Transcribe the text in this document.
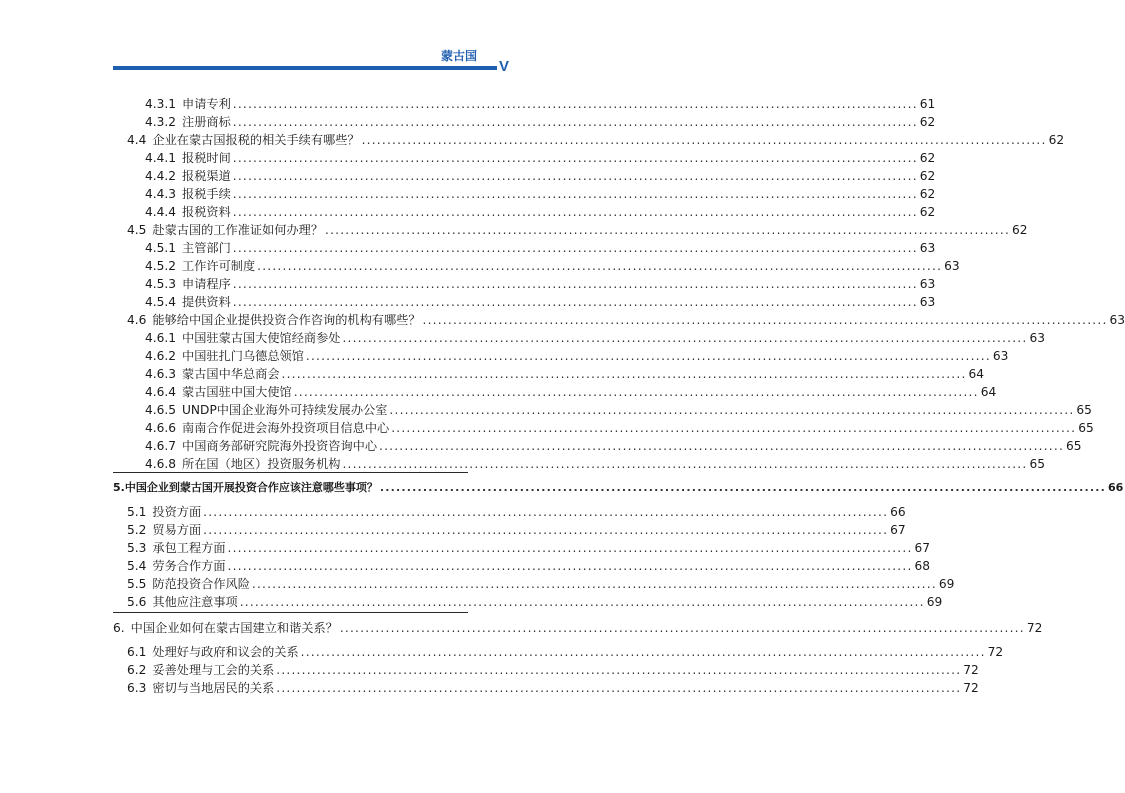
蒙古国
V
4.3.1 申请专利 .....	61
4.3.2 注册商标 .....	62
4.4 企业在蒙古国报税的相关手续有哪些？ .....	62
4.4.1 报税时间 .....	62
4.4.2 报税渠道 .....	62
4.4.3 报税手续 .....	62
4.4.4 报税资料 .....	62
4.5 赴蒙古国的工作准证如何办理？ .....	62
4.5.1 主管部门 .....	63
4.5.2 工作许可制度 .....	63
4.5.3 申请程序 .....	63
4.5.4 提供资料 .....	63
4.6 能够给中国企业提供投资合作咨询的机构有哪些？ .....	63
4.6.1 中国驻蒙古国大使馆经商参处 .....	63
4.6.2 中国驻扎门乌德总领馆 .....	63
4.6.3 蒙古国中华总商会 .....	64
4.6.4 蒙古国驻中国大使馆 .....	64
4.6.5 UNDP中国企业海外可持续发展办公室 .....	65
4.6.6 南南合作促进会海外投资项目信息中心 .....	65
4.6.7 中国商务部研究院海外投资咨询中心 .....	65
4.6.8 所在国（地区）投资服务机构 .....	65
5.中国企业到蒙古国开展投资合作应该注意哪些事项？ .....	66
5.1 投资方面 .....	66
5.2 贸易方面 .....	67
5.3 承包工程方面 .....	67
5.4 劳务合作方面 .....	68
5.5 防范投资合作风险 .....	69
5.6 其他应注意事项 .....	69
6. 中国企业如何在蒙古国建立和谐关系？ .....	72
6.1 处理好与政府和议会的关系 .....	72
6.2 妥善处理与工会的关系 .....	72
6.3 密切与当地居民的关系 .....	72
